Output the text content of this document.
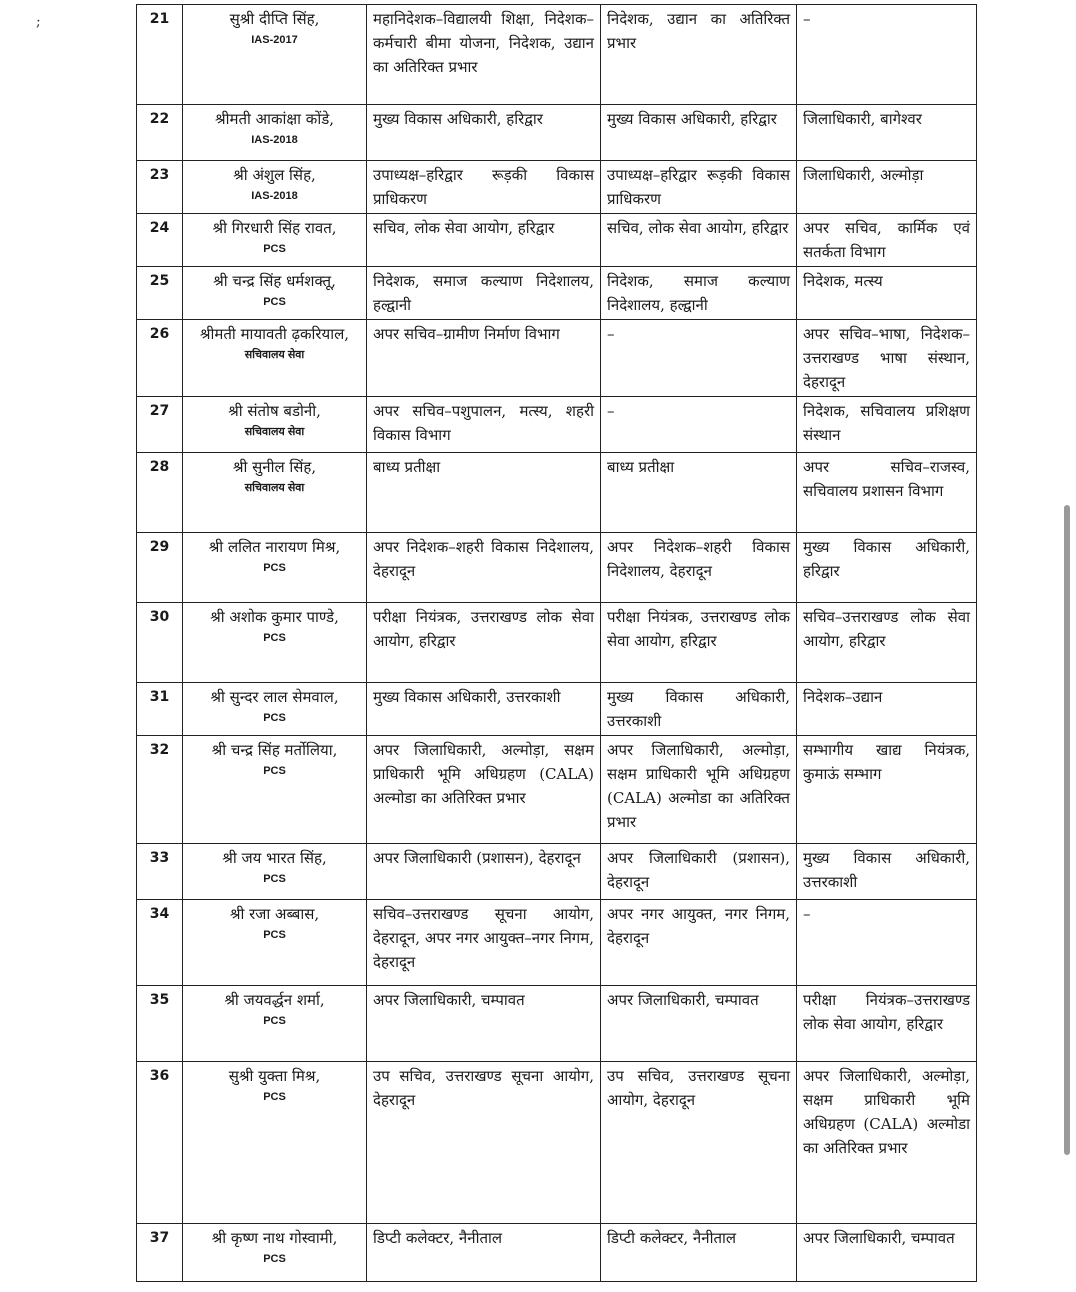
;	21	सुश्री दीप्ति सिंह,
IAS-2017	महानिदेशक–विद्यालयी शिक्षा, निदेशक–कर्मचारी बीमा योजना, निदेशक, उद्यान का अतिरिक्त प्रभार	निदेशक, उद्यान का अतिरिक्त प्रभार	–
22	श्रीमती आकांक्षा कोंडे,
IAS-2018	मुख्य विकास अधिकारी, हरिद्वार	मुख्य विकास अधिकारी, हरिद्वार	जिलाधिकारी, बागेश्वर
23	श्री अंशुल सिंह,
IAS-2018	उपाध्यक्ष–हरिद्वार रूड़की विकास प्राधिकरण	उपाध्यक्ष–हरिद्वार रूड़की विकास प्राधिकरण	जिलाधिकारी, अल्मोड़ा
24	श्री गिरधारी सिंह रावत,
PCS	सचिव, लोक सेवा आयोग, हरिद्वार	सचिव, लोक सेवा आयोग, हरिद्वार	अपर सचिव, कार्मिक एवं सतर्कता विभाग
25	श्री चन्द्र सिंह धर्मशक्तू,
PCS	निदेशक, समाज कल्याण निदेशालय, हल्द्वानी	निदेशक, समाज कल्याण निदेशालय, हल्द्वानी	निदेशक, मत्स्य
26	श्रीमती मायावती ढ़करियाल,
सचिवालय सेवा	अपर सचिव–ग्रामीण निर्माण विभाग	–	अपर सचिव–भाषा, निदेशक–उत्तराखण्ड भाषा संस्थान, देहरादून
27	श्री संतोष बडोनी,
सचिवालय सेवा	अपर सचिव–पशुपालन, मत्स्य, शहरी विकास विभाग	–	निदेशक, सचिवालय प्रशिक्षण संस्थान
28	श्री सुनील सिंह,
सचिवालय सेवा	बाध्य प्रतीक्षा	बाध्य प्रतीक्षा	अपर सचिव–राजस्व, सचिवालय प्रशासन विभाग
29	श्री ललित नारायण मिश्र,
PCS	अपर निदेशक–शहरी विकास निदेशालय, देहरादून	अपर निदेशक–शहरी विकास निदेशालय, देहरादून	मुख्य विकास अधिकारी, हरिद्वार
30	श्री अशोक कुमार पाण्डे,
PCS	परीक्षा नियंत्रक, उत्तराखण्ड लोक सेवा आयोग, हरिद्वार	परीक्षा नियंत्रक, उत्तराखण्ड लोक सेवा आयोग, हरिद्वार	सचिव–उत्तराखण्ड लोक सेवा आयोग, हरिद्वार
31	श्री सुन्दर लाल सेमवाल,
PCS	मुख्य विकास अधिकारी, उत्तरकाशी	मुख्य विकास अधिकारी, उत्तरकाशी	निदेशक–उद्यान
32	श्री चन्द्र सिंह मर्तोलिया,
PCS	अपर जिलाधिकारी, अल्मोड़ा, सक्षम प्राधिकारी भूमि अधिग्रहण (CALA) अल्मोडा का अतिरिक्त प्रभार	अपर जिलाधिकारी, अल्मोड़ा, सक्षम प्राधिकारी भूमि अधिग्रहण (CALA) अल्मोडा का अतिरिक्त प्रभार	सम्भागीय खाद्य नियंत्रक, कुमाऊं सम्भाग
33	श्री जय भारत सिंह,
PCS	अपर जिलाधिकारी (प्रशासन), देहरादून	अपर जिलाधिकारी (प्रशासन), देहरादून	मुख्य विकास अधिकारी, उत्तरकाशी
34	श्री रजा अब्बास,
PCS	सचिव–उत्तराखण्ड सूचना आयोग, देहरादून, अपर नगर आयुक्त–नगर निगम, देहरादून	अपर नगर आयुक्त, नगर निगम, देहरादून	–
35	श्री जयवर्द्धन शर्मा,
PCS	अपर जिलाधिकारी, चम्पावत	अपर जिलाधिकारी, चम्पावत	परीक्षा नियंत्रक–उत्तराखण्ड लोक सेवा आयोग, हरिद्वार
36	सुश्री युक्ता मिश्र,
PCS	उप सचिव, उत्तराखण्ड सूचना आयोग, देहरादून	उप सचिव, उत्तराखण्ड सूचना आयोग, देहरादून	अपर जिलाधिकारी, अल्मोड़ा, सक्षम प्राधिकारी भूमि अधिग्रहण (CALA) अल्मोडा का अतिरिक्त प्रभार
37	श्री कृष्ण नाथ गोस्वामी,
PCS	डिप्टी कलेक्टर, नैनीताल	डिप्टी कलेक्टर, नैनीताल	अपर जिलाधिकारी, चम्पावत
